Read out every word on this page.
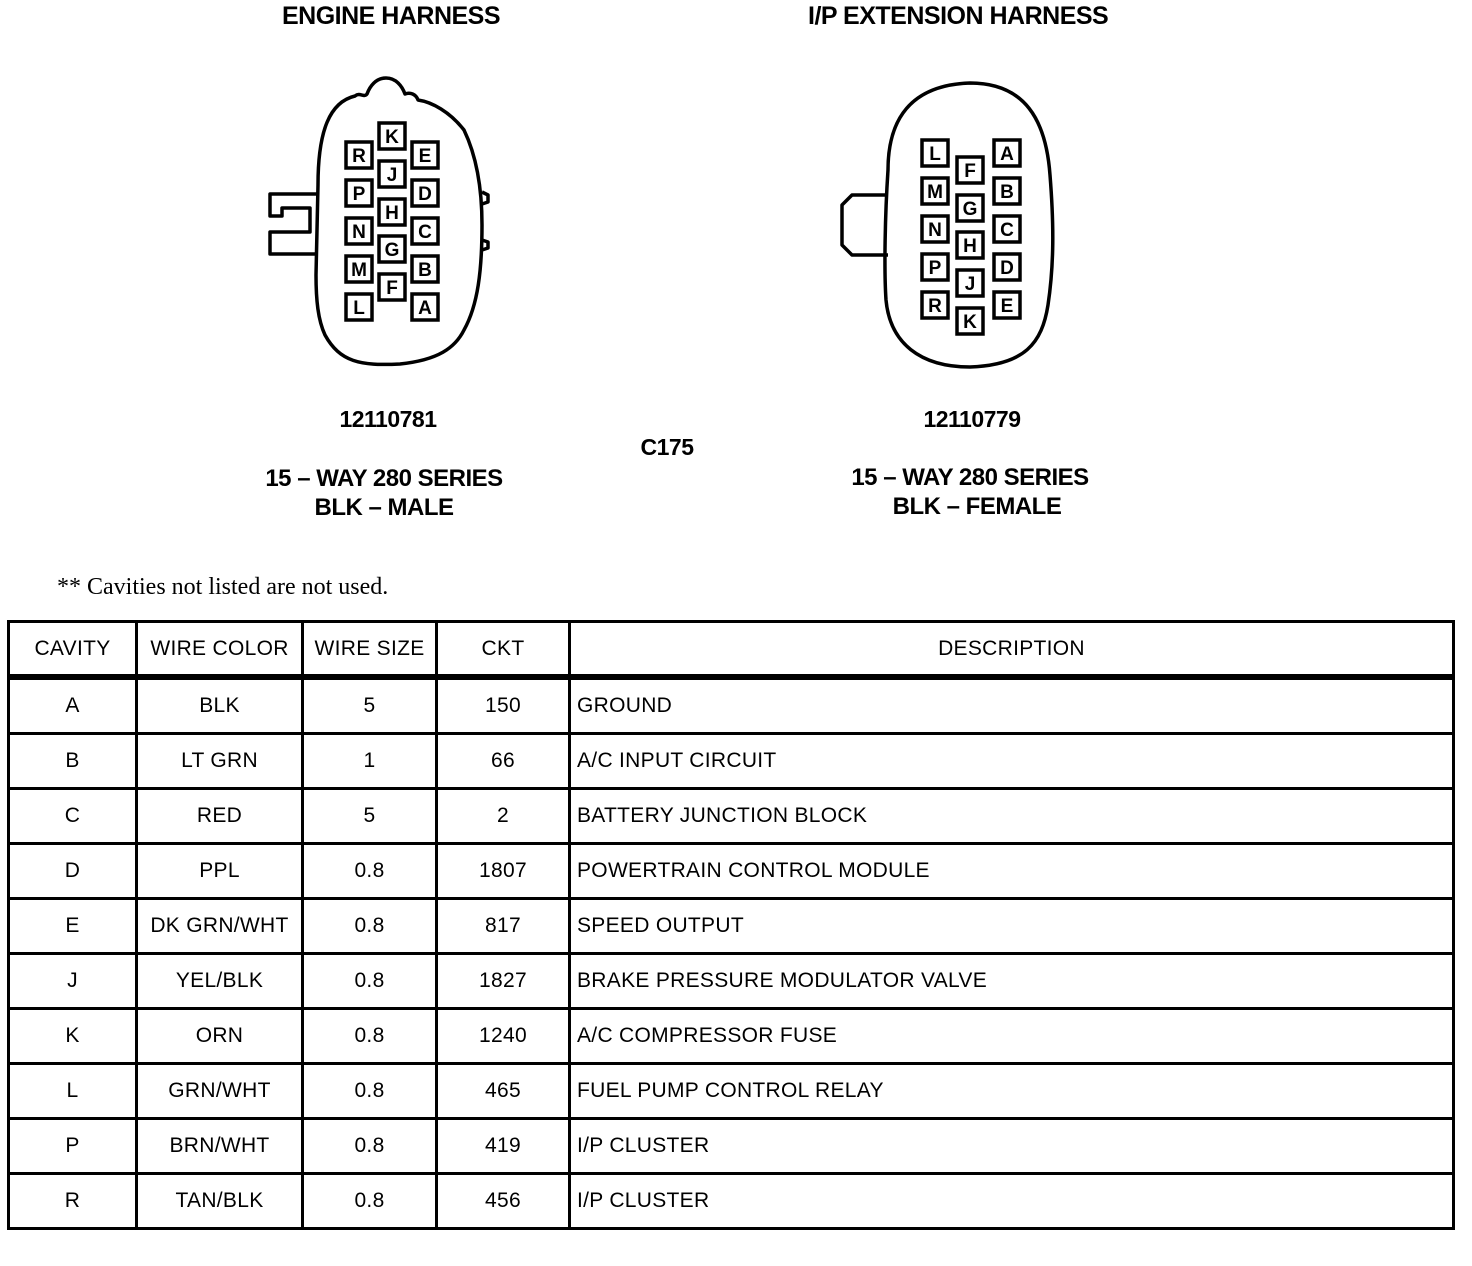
ENGINE HARNESS	I/P EXTENSION HARNESS
K
R
J
E
P	D
H
N	C
G
M	B
F
L	A
L	A
F
M	B
G
N	C
H
P	D
J
R	E
K
12110781	12110779
C175
15 – WAY 280 SERIES
BLK – MALE
15 – WAY 280 SERIES
BLK – FEMALE
** Cavities not listed are not used.
CAVITY	WIRE COLOR	WIRE SIZE	CKT	DESCRIPTION
A	BLK	5	150	GROUND
B	LT GRN	1	66	A/C INPUT CIRCUIT
C	RED	5	2	BATTERY JUNCTION BLOCK
D	PPL	0.8	1807	POWERTRAIN CONTROL MODULE
E	DK GRN/WHT	0.8	817	SPEED OUTPUT
J	YEL/BLK	0.8	1827	BRAKE PRESSURE MODULATOR VALVE
K	ORN	0.8	1240	A/C COMPRESSOR FUSE
L	GRN/WHT	0.8	465	FUEL PUMP CONTROL RELAY
P	BRN/WHT	0.8	419	I/P CLUSTER
R	TAN/BLK	0.8	456	I/P CLUSTER
